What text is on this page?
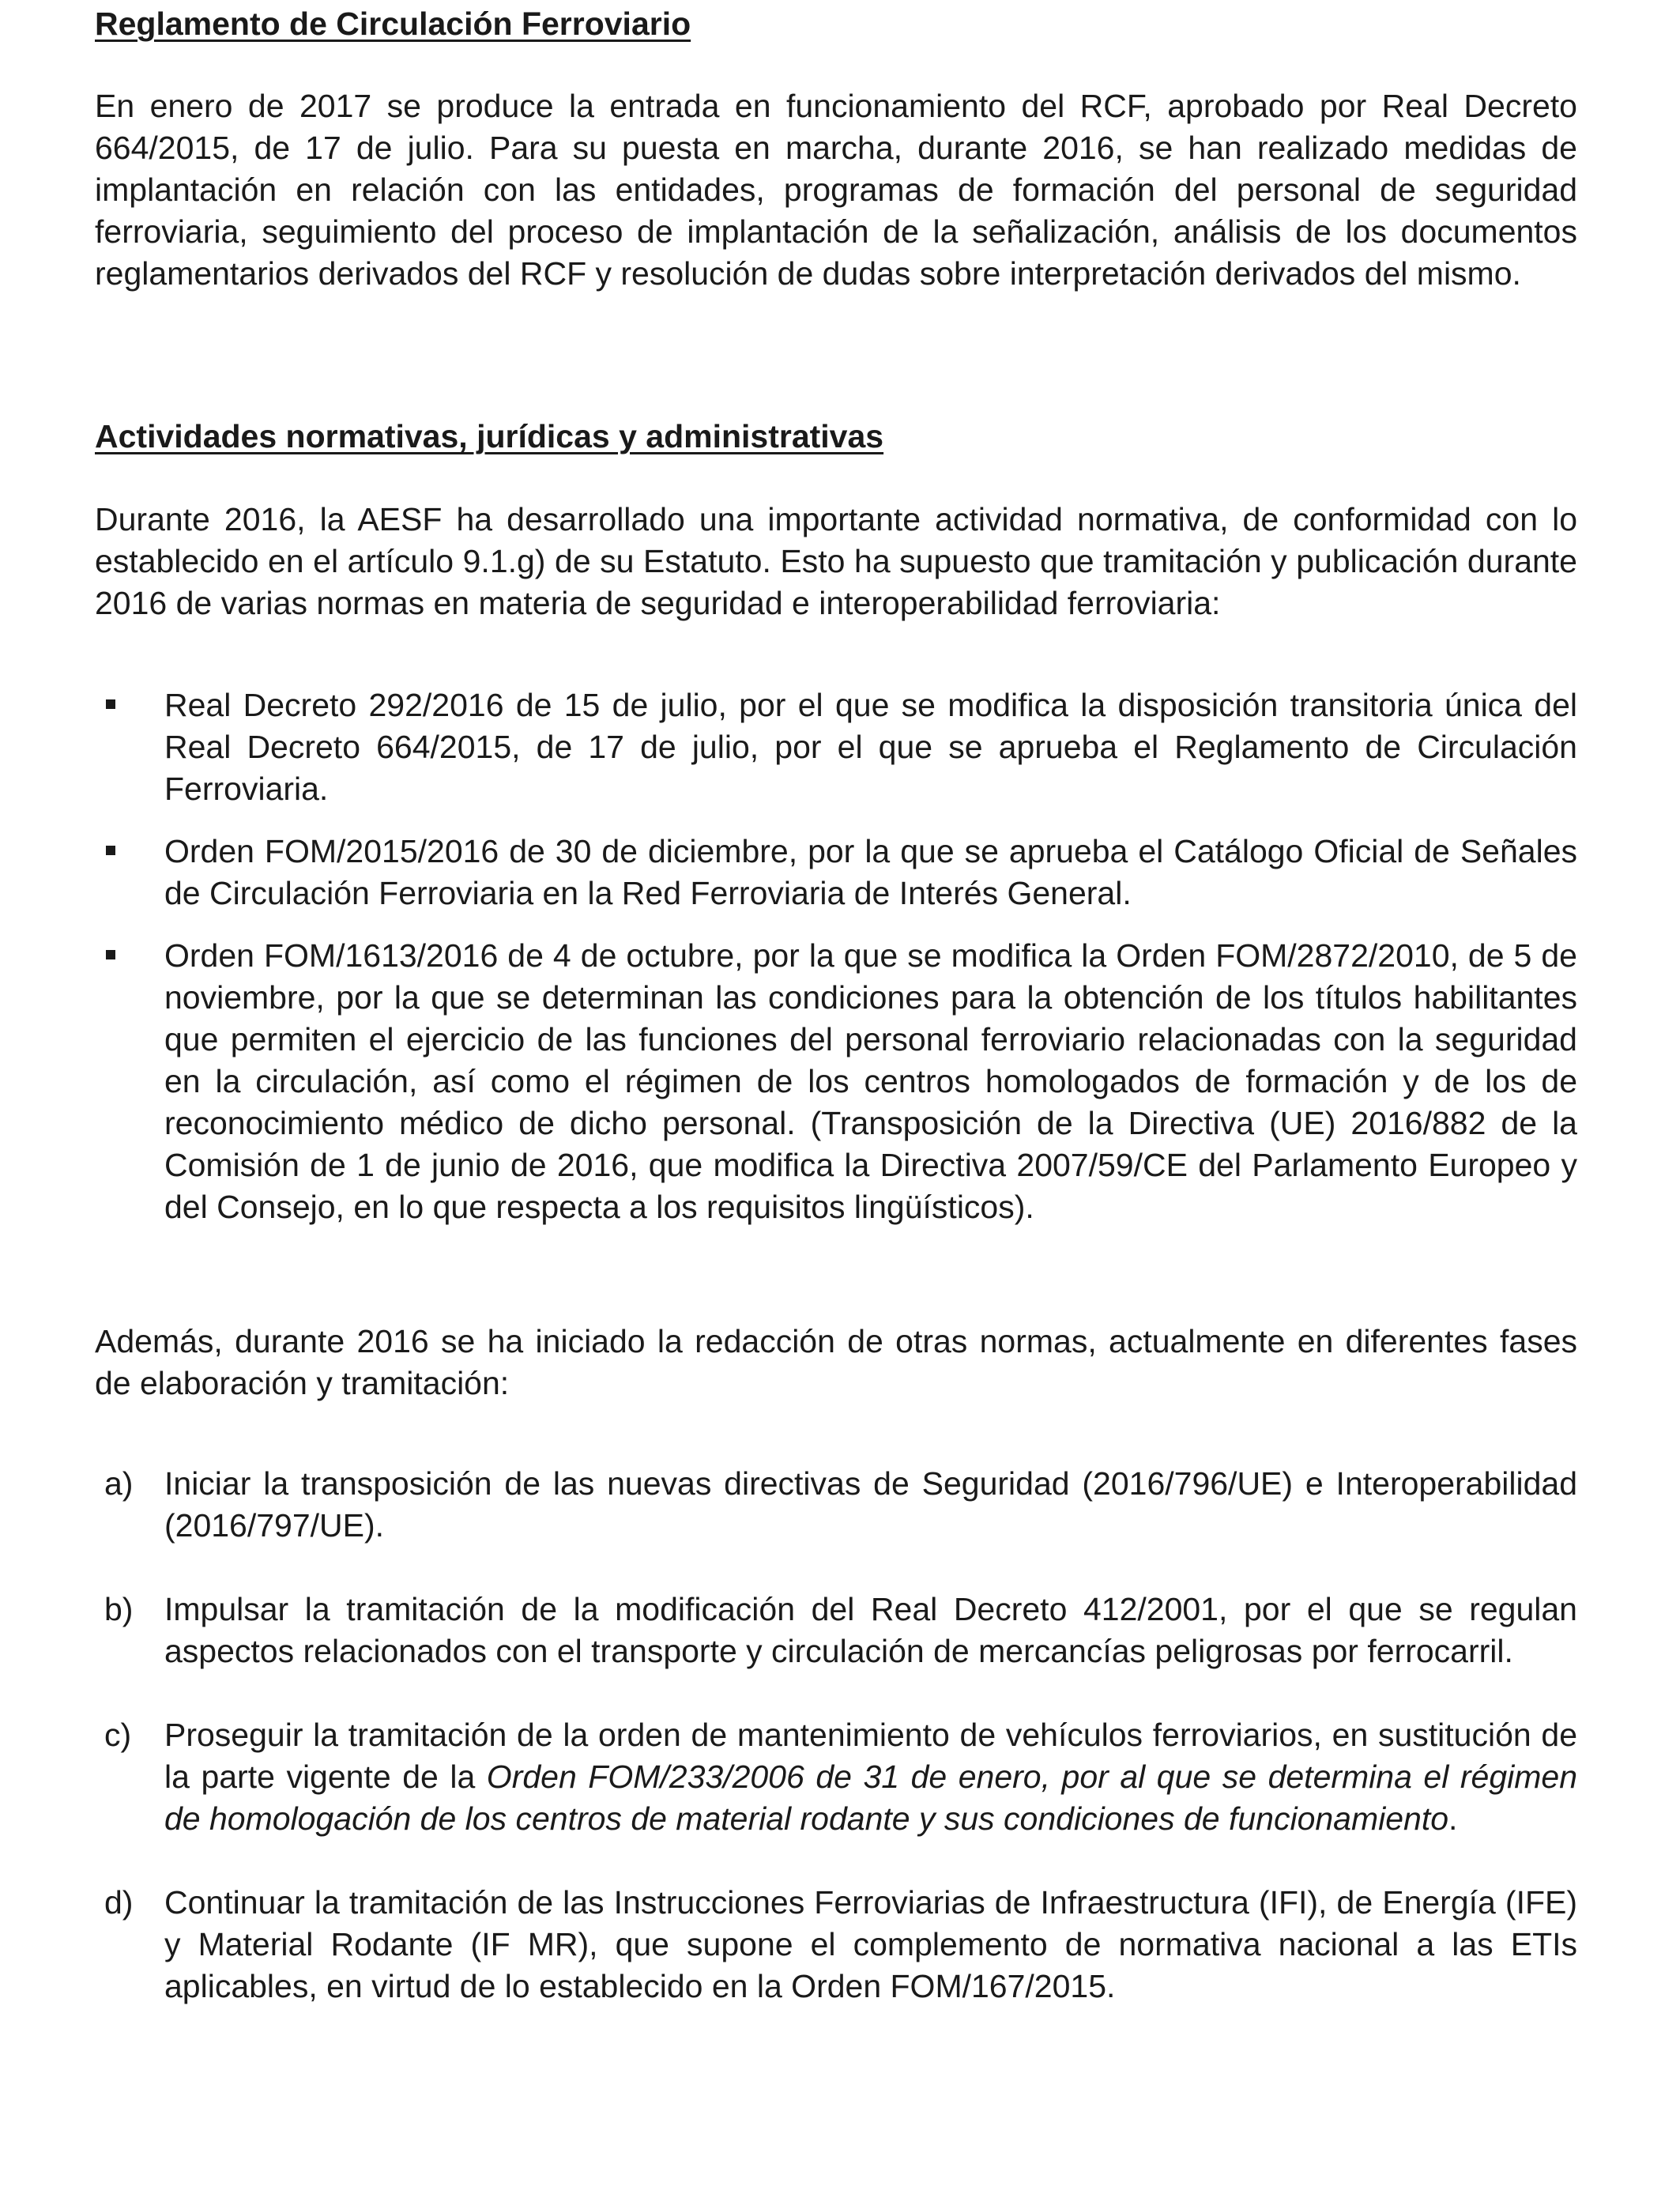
Reglamento de Circulación Ferroviario

En enero de 2017 se produce la entrada en funcionamiento del RCF, aprobado por Real Decreto 664/2015, de 17 de julio. Para su puesta en marcha, durante 2016, se han realizado medidas de implantación en relación con las entidades, programas de formación del personal de seguridad ferroviaria, seguimiento del proceso de implantación de la señalización, análisis de los documentos reglamentarios derivados del RCF y resolución de dudas sobre interpretación derivados del mismo.

Actividades normativas, jurídicas y administrativas

Durante 2016, la AESF ha desarrollado una importante actividad normativa, de conformidad con lo establecido en el artículo 9.1.g) de su Estatuto. Esto ha supuesto que tramitación y publicación durante 2016 de varias normas en materia de seguridad e interoperabilidad ferroviaria:

Real Decreto 292/2016 de 15 de julio, por el que se modifica la disposición transitoria única del Real Decreto 664/2015, de 17 de julio, por el que se aprueba el Reglamento de Circulación Ferroviaria.
Orden FOM/2015/2016 de 30 de diciembre, por la que se aprueba el Catálogo Oficial de Señales de Circulación Ferroviaria en la Red Ferroviaria de Interés General.
Orden FOM/1613/2016 de 4 de octubre, por la que se modifica la Orden FOM/2872/2010, de 5 de noviembre, por la que se determinan las condiciones para la obtención de los títulos habilitantes que permiten el ejercicio de las funciones del personal ferroviario relacionadas con la seguridad en la circulación, así como el régimen de los centros homologados de formación y de los de reconocimiento médico de dicho personal. (Transposición de la Directiva (UE) 2016/882 de la Comisión de 1 de junio de 2016, que modifica la Directiva 2007/59/CE del Parlamento Europeo y del Consejo, en lo que respecta a los requisitos lingüísticos).

Además, durante 2016 se ha iniciado la redacción de otras normas, actualmente en diferentes fases de elaboración y tramitación:

a) Iniciar la transposición de las nuevas directivas de Seguridad (2016/796/UE) e Interoperabilidad (2016/797/UE).
b) Impulsar la tramitación de la modificación del Real Decreto 412/2001, por el que se regulan aspectos relacionados con el transporte y circulación de mercancías peligrosas por ferrocarril.
c) Proseguir la tramitación de la orden de mantenimiento de vehículos ferroviarios, en sustitución de la parte vigente de la Orden FOM/233/2006 de 31 de enero, por al que se determina el régimen de homologación de los centros de material rodante y sus condiciones de funcionamiento.
d) Continuar la tramitación de las Instrucciones Ferroviarias de Infraestructura (IFI), de Energía (IFE) y Material Rodante (IF MR), que supone el complemento de normativa nacional a las ETIs aplicables, en virtud de lo establecido en la Orden FOM/167/2015.
